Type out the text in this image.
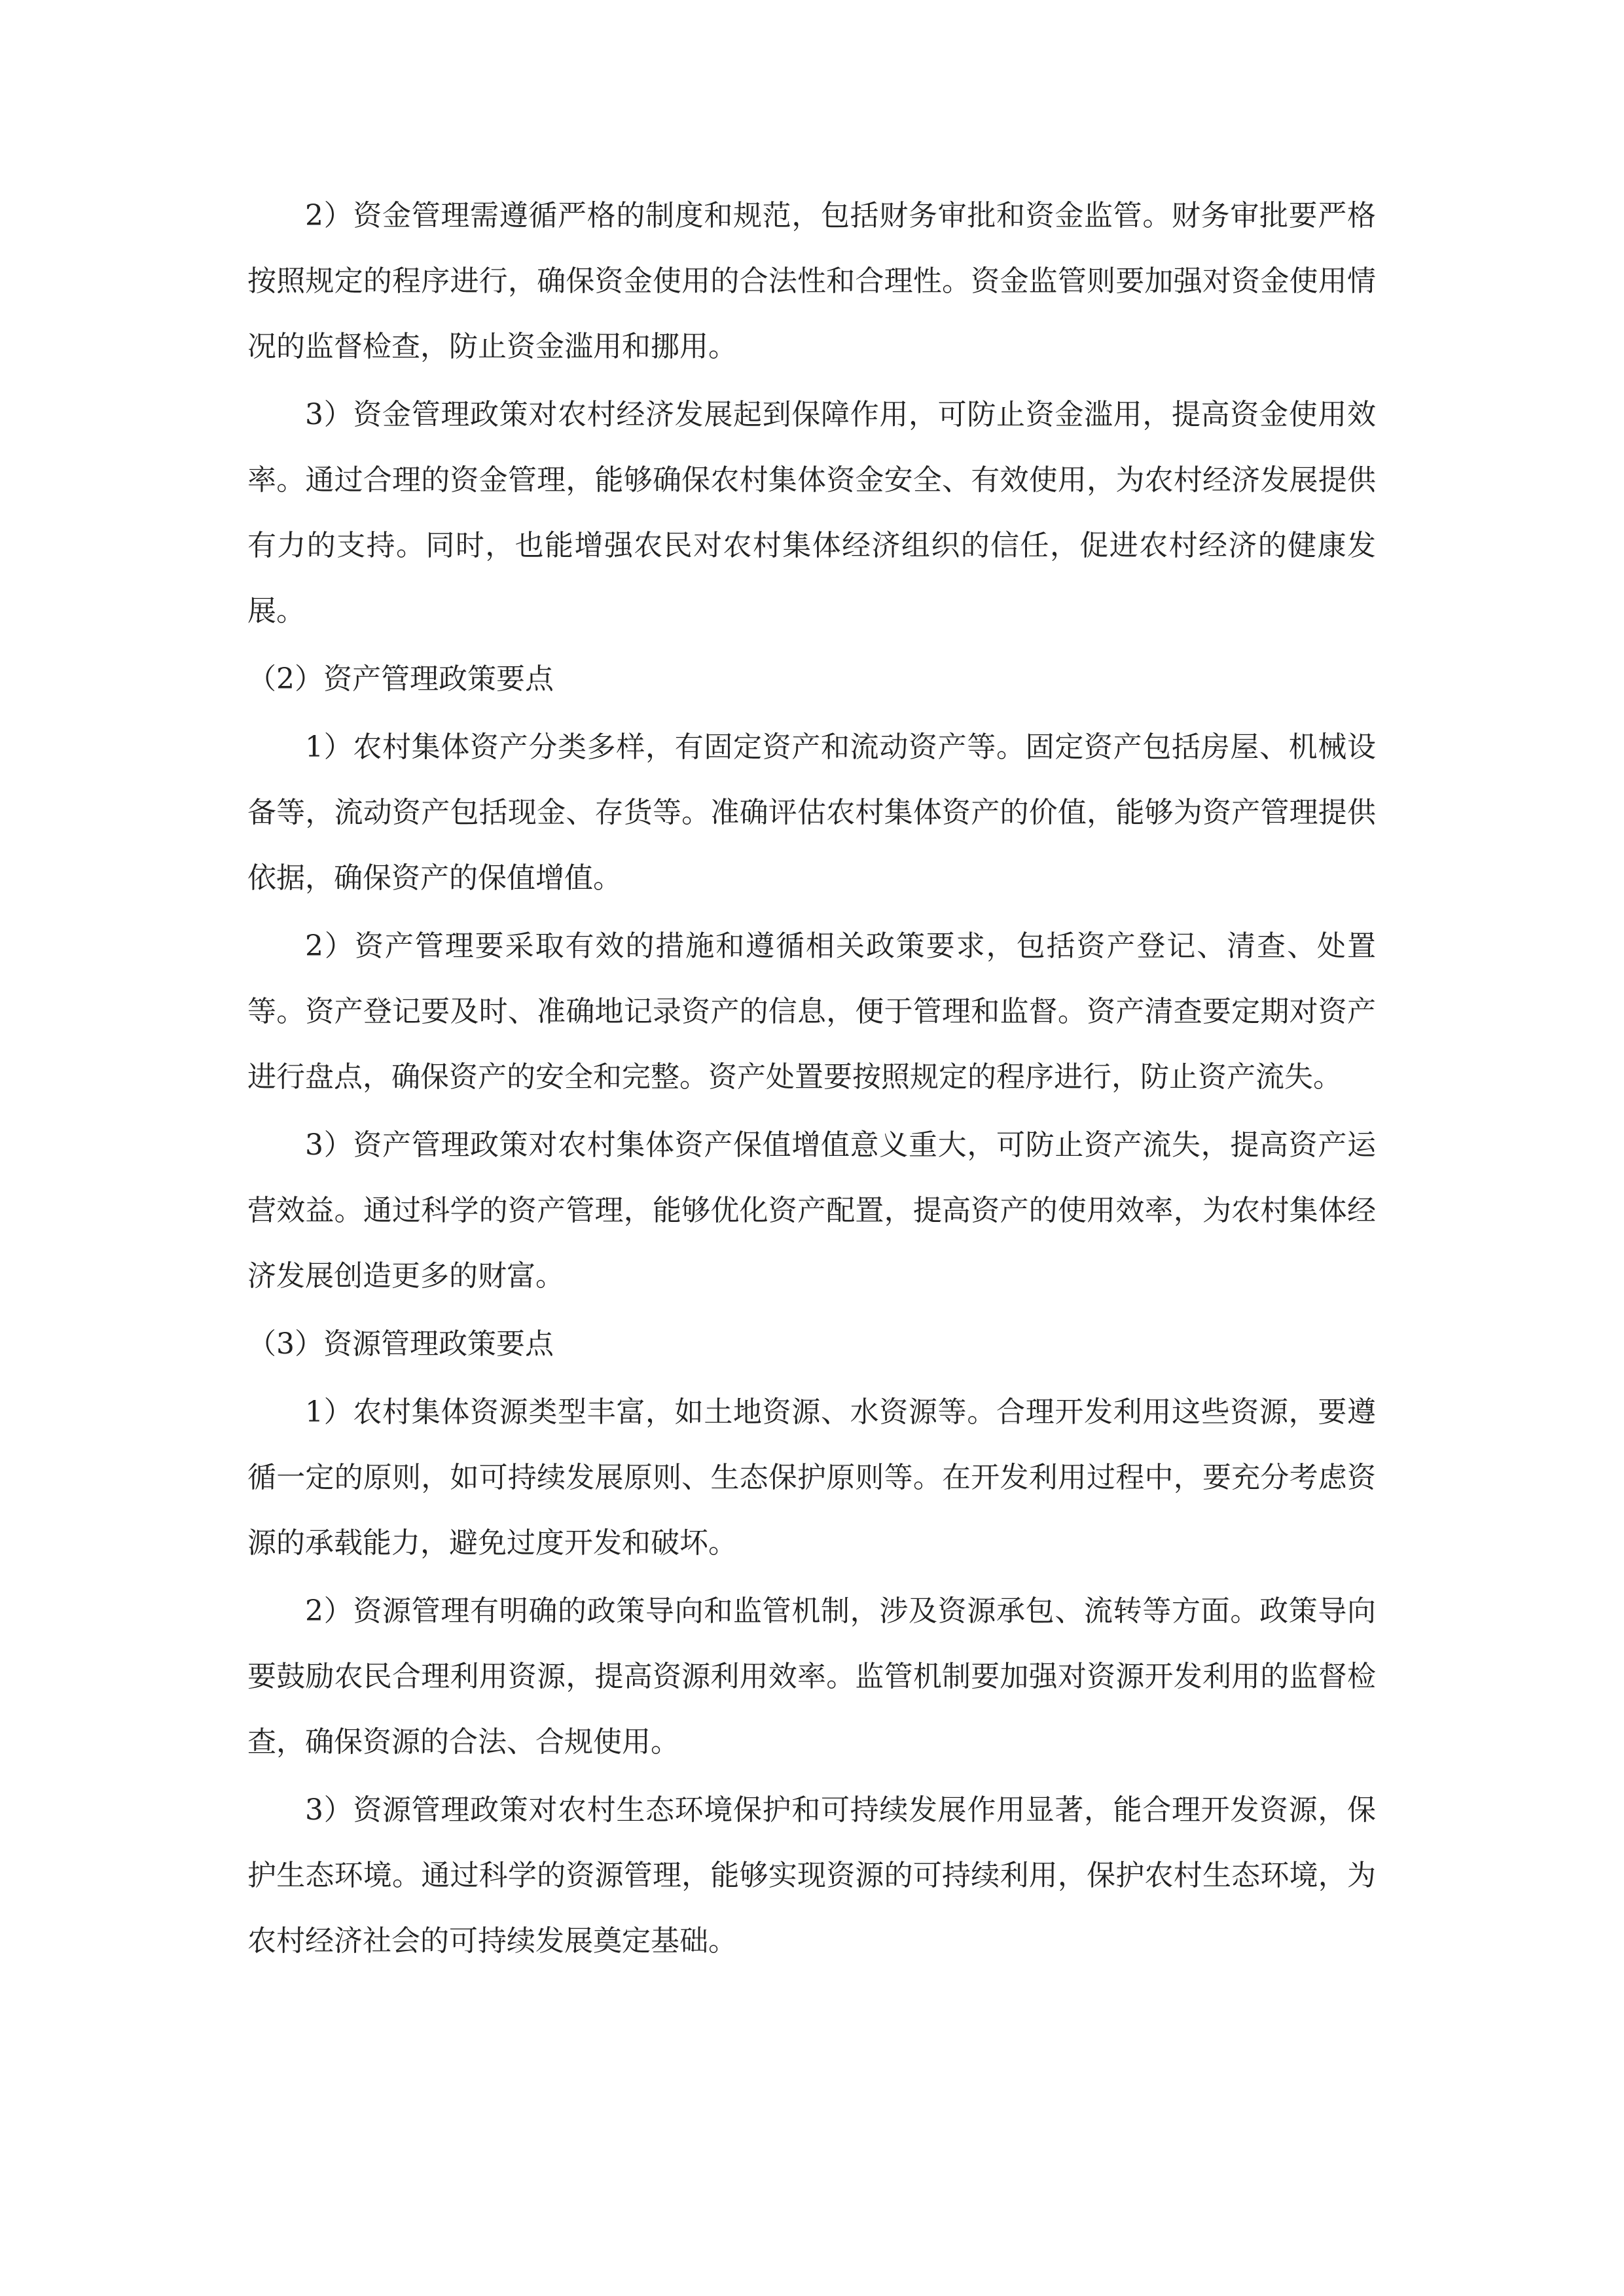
2）资金管理需遵循严格的制度和规范，包括财务审批和资金监管。财务审批要严格按照规定的程序进行，确保资金使用的合法性和合理性。资金监管则要加强对资金使用情况的监督检查，防止资金滥用和挪用。

3）资金管理政策对农村经济发展起到保障作用，可防止资金滥用，提高资金使用效率。通过合理的资金管理，能够确保农村集体资金安全、有效使用，为农村经济发展提供有力的支持。同时，也能增强农民对农村集体经济组织的信任，促进农村经济的健康发展。

（2）资产管理政策要点

1）农村集体资产分类多样，有固定资产和流动资产等。固定资产包括房屋、机械设备等，流动资产包括现金、存货等。准确评估农村集体资产的价值，能够为资产管理提供依据，确保资产的保值增值。

2）资产管理要采取有效的措施和遵循相关政策要求，包括资产登记、清查、处置等。资产登记要及时、准确地记录资产的信息，便于管理和监督。资产清查要定期对资产进行盘点，确保资产的安全和完整。资产处置要按照规定的程序进行，防止资产流失。

3）资产管理政策对农村集体资产保值增值意义重大，可防止资产流失，提高资产运营效益。通过科学的资产管理，能够优化资产配置，提高资产的使用效率，为农村集体经济发展创造更多的财富。

（3）资源管理政策要点

1）农村集体资源类型丰富，如土地资源、水资源等。合理开发利用这些资源，要遵循一定的原则，如可持续发展原则、生态保护原则等。在开发利用过程中，要充分考虑资源的承载能力，避免过度开发和破坏。

2）资源管理有明确的政策导向和监管机制，涉及资源承包、流转等方面。政策导向要鼓励农民合理利用资源，提高资源利用效率。监管机制要加强对资源开发利用的监督检查，确保资源的合法、合规使用。

3）资源管理政策对农村生态环境保护和可持续发展作用显著，能合理开发资源，保护生态环境。通过科学的资源管理，能够实现资源的可持续利用，保护农村生态环境，为农村经济社会的可持续发展奠定基础。
